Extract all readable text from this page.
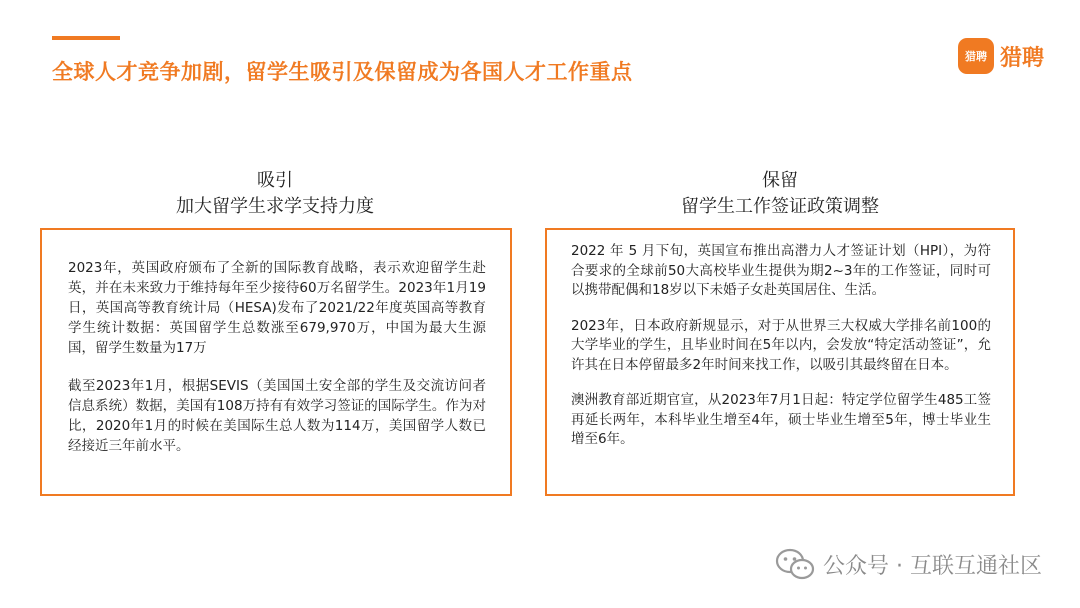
全球人才竞争加剧，留学生吸引及保留成为各国人才工作重点
猎聘 猎聘
吸引
加大留学生求学支持力度

2023年，英国政府颁布了全新的国际教育战略，表示欢迎留学生赴英，并在未来致力于维持每年至少接待60万名留学生。2023年1月19日，英国高等教育统计局（HESA)发布了2021/22年度英国高等教育学生统计数据：英国留学生总数涨至679,970万，中国为最大生源国，留学生数量为17万

截至2023年1月，根据SEVIS（美国国土安全部的学生及交流访问者信息系统）数据，美国有108万持有有效学习签证的国际学生。作为对比，2020年1月的时候在美国际生总人数为114万，美国留学人数已经接近三年前水平。

保留
留学生工作签证政策调整

2022 年 5 月下旬，英国宣布推出高潜力人才签证计划（HPI），为符合要求的全球前50大高校毕业生提供为期2~3年的工作签证，同时可以携带配偶和18岁以下未婚子女赴英国居住、生活。

2023年，日本政府新规显示，对于从世界三大权威大学排名前100的大学毕业的学生，且毕业时间在5年以内，会发放“特定活动签证”，允许其在日本停留最多2年时间来找工作，以吸引其最终留在日本。

澳洲教育部近期官宣，从2023年7月1日起：特定学位留学生485工签再延长两年，本科毕业生增至4年，硕士毕业生增至5年，博士毕业生增至6年。

公众号 · 互联互通社区
